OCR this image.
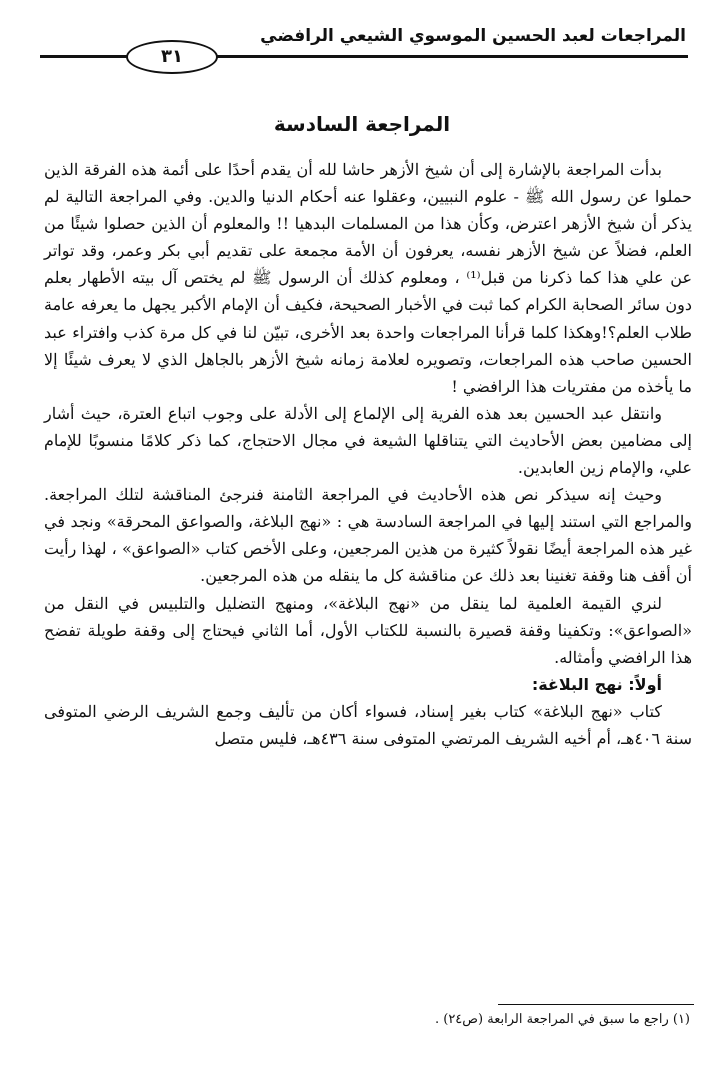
المراجعات لعبد الحسين الموسوي الشيعي الرافضي
٣١
المراجعة السادسة

بدأت المراجعة بالإشارة إلى أن شيخ الأزهر حاشا لله أن يقدم أحدًا على أئمة هذه الفرقة الذين حملوا عن رسول الله ﷺ - علوم النبيين، وعقلوا عنه أحكام الدنيا والدين. وفي المراجعة التالية لم يذكر أن شيخ الأزهر اعترض، وكأن هذا من المسلمات البدهيا !! والمعلوم أن الذين حصلوا شيئًا من العلم، فضلاً عن شيخ الأزهر نفسه، يعرفون أن الأمة مجمعة على تقديم أبي بكر وعمر، وقد تواتر عن علي هذا كما ذكرنا من قبل⁽¹⁾ ، ومعلوم كذلك أن الرسول ﷺ لم يختص آل بيته الأطهار بعلم دون سائر الصحابة الكرام كما ثبت في الأخبار الصحيحة، فكيف أن الإمام الأكبر يجهل ما يعرفه عامة طلاب العلم؟!وهكذا كلما قرأنا المراجعات واحدة بعد الأخرى، تبيّن لنا في كل مرة كذب وافتراء عبد الحسين صاحب هذه المراجعات، وتصويره لعلامة زمانه شيخ الأزهر بالجاهل الذي لا يعرف شيئًا إلا ما يأخذه من مفتريات هذا الرافضي !

وانتقل عبد الحسين بعد هذه الفرية إلى الإلماع إلى الأدلة على وجوب اتباع العترة، حيث أشار إلى مضامين بعض الأحاديث التي يتناقلها الشيعة في مجال الاحتجاج، كما ذكر كلامًا منسوبًا للإمام علي، والإمام زين العابدين.

وحيث إنه سيذكر نص هذه الأحاديث في المراجعة الثامنة فنرجئ المناقشة لتلك المراجعة. والمراجع التي استند إليها في المراجعة السادسة هي : «نهج البلاغة، والصواعق المحرقة» ونجد في غير هذه المراجعة أيضًا نقولاً كثيرة من هذين المرجعين، وعلى الأخص كتاب «الصواعق» ، لهذا رأيت أن أقف هنا وقفة تغنينا بعد ذلك عن مناقشة كل ما ينقله من هذه المرجعين.

لنري القيمة العلمية لما ينقل من «نهج البلاغة»، ومنهج التضليل والتلبيس في النقل من «الصواعق»: وتكفينا وقفة قصيرة بالنسبة للكتاب الأول، أما الثاني فيحتاج إلى وقفة طويلة تفضح هذا الرافضي وأمثاله.

أولاً: نهج البلاغة:

كتاب «نهج البلاغة» كتاب بغير إسناد، فسواء أكان من تأليف وجمع الشريف الرضي المتوفى سنة ٤٠٦هـ، أم أخيه الشريف المرتضي المتوفى سنة ٤٣٦هـ، فليس متصل

(١) راجع ما سبق في المراجعة الرابعة (ص٢٤) .
